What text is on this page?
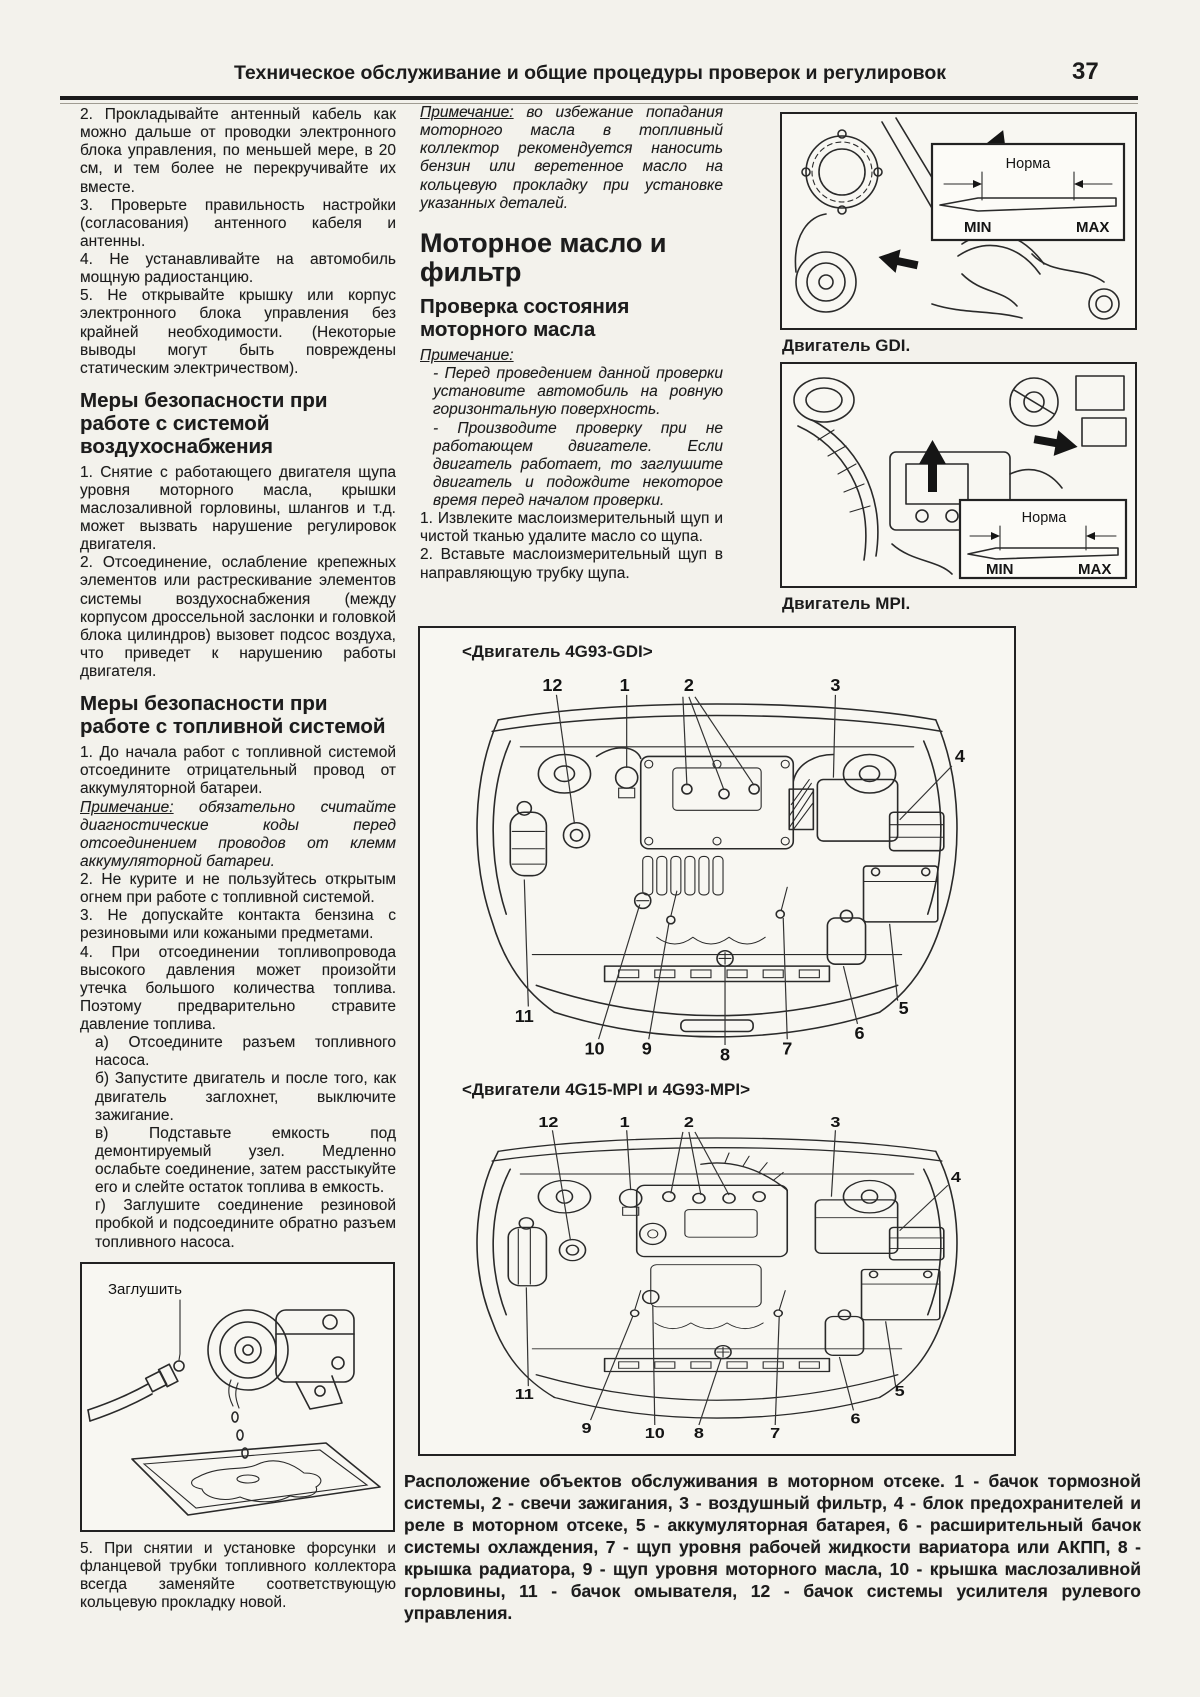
Техническое обслуживание и общие процедуры проверок и регулировок	37

2. Прокладывайте антенный кабель как можно дальше от проводки электронного блока управления, по меньшей мере, в 20 см, и тем более не перекручивайте их вместе.

3. Проверьте правильность настройки (согласования) антенного кабеля и антенны.

4. Не устанавливайте на автомобиль мощную радиостанцию.

5. Не открывайте крышку или корпус электронного блока управления без крайней необходимости. (Некоторые выводы могут быть повреждены статическим электричеством).

Меры безопасности при работе с системой воздухоснабжения

1. Снятие с работающего двигателя щупа уровня моторного масла, крышки маслозаливной горловины, шлангов и т.д. может вызвать нарушение регулировок двигателя.

2. Отсоединение, ослабление крепежных элементов или растрескивание элементов системы воздухоснабжения (между корпусом дроссельной заслонки и головкой блока цилиндров) вызовет подсос воздуха, что приведет к нарушению работы двигателя.

Меры безопасности при работе с топливной системой

1. До начала работ с топливной системой отсоедините отрицательный провод от аккумуляторной батареи.

Примечание: обязательно считайте диагностические коды перед отсоединением проводов от клемм аккумуляторной батареи.

2. Не курите и не пользуйтесь открытым огнем при работе с топливной системой.

3. Не допускайте контакта бензина с резиновыми или кожаными предметами.

4. При отсоединении топливопровода высокого давления может произойти утечка большого количества топлива. Поэтому предварительно стравите давление топлива.

а) Отсоедините разъем топливного насоса.

б) Запустите двигатель и после того, как двигатель заглохнет, выключите зажигание.

в) Подставьте емкость под демонтируемый узел. Медленно ослабьте соединение, затем расстыкуйте его и слейте остаток топлива в емкость.

г) Заглушите соединение резиновой пробкой и подсоедините обратно разъем топливного насоса.

Заглушить

5. При снятии и установке форсунки и фланцевой трубки топливного коллектора всегда заменяйте соответствующую кольцевую прокладку новой.

Примечание: во избежание попадания моторного масла в топливный коллектор рекомендуется наносить бензин или веретенное масло на кольцевую прокладку при установке указанных деталей.

Моторное масло и фильтр
Проверка состояния моторного масла

Примечание:

- Перед проведением данной проверки установите автомобиль на ровную горизонтальную поверхность.

- Производите проверку при не работающем двигателе. Если двигатель работает, то заглушите двигатель и подождите некоторое время перед началом проверки.

1. Извлеките маслоизмерительный щуп и чистой тканью удалите масло со щупа.

2. Вставьте маслоизмерительный щуп в направляющую трубку щупа.

Норма
MIN	MAX
Двигатель GDI.
Норма
MIN	MAX
Двигатель MPI.
<Двигатель 4G93-GDI>
12	1	2	3
4
11
10 9	8	7
6
5
<Двигатели 4G15-MPI и 4G93-MPI>
12	1	2	3
4
11
9	10 8	7
6
5
Расположение объектов обслуживания в моторном отсеке. 1 - бачок тормозной системы, 2 - свечи зажигания, 3 - воздушный фильтр, 4 - блок предохранителей и реле в моторном отсеке, 5 - аккумуляторная батарея, 6 - расширительный бачок системы охлаждения, 7 - щуп уровня рабочей жидкости вариатора или АКПП, 8 - крышка радиатора, 9 - щуп уровня моторного масла, 10 - крышка маслозаливной горловины, 11 - бачок омывателя, 12 - бачок системы усилителя рулевого управления.
